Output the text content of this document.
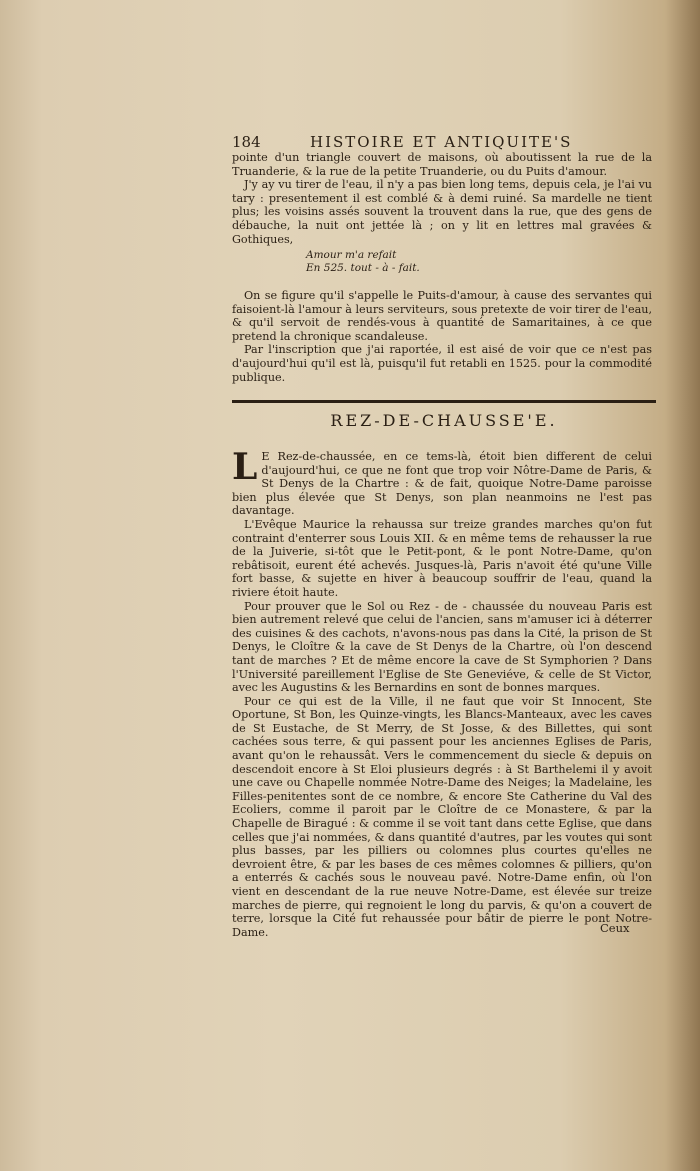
184	HISTOIRE ET ANTIQUITE'S

pointe d'un triangle couvert de maisons, où aboutissent la rue de la Truanderie, & la rue de la petite Truanderie, ou du Puits d'amour.

J'y ay vu tirer de l'eau, il n'y a pas bien long tems, depuis cela, je l'ai vu tary : presentement il est comblé & à demi ruiné. Sa mardelle ne tient plus; les voisins assés souvent la trouvent dans la rue, que des gens de débauche, la nuit ont jettée là ; on y lit en lettres mal gravées & Gothiques,

Amour m'a refait
En 525. tout - à - fait.

On se figure qu'il s'appelle le Puits-d'amour, à cause des servantes qui faisoient-là l'amour à leurs serviteurs, sous pretexte de voir tirer de l'eau, & qu'il servoit de rendés-vous à quantité de Samaritaines, à ce que pretend la chronique scandaleuse.

Par l'inscription que j'ai raportée, il est aisé de voir que ce n'est pas d'aujourd'hui qu'il est là, puisqu'il fut retabli en 1525. pour la commodité publique.

REZ-DE-CHAUSSE'E.

L E Rez-de-chaussée, en ce tems-là, étoit bien different de celui d'aujourd'hui, ce que ne font que trop voir Nôtre-Dame de Paris, & St Denys de la Chartre : & de fait, quoique Notre-Dame paroisse bien plus élevée que St Denys, son plan neanmoins ne l'est pas davantage.

L'Evêque Maurice la rehaussa sur treize grandes marches qu'on fut contraint d'enterrer sous Louis XII. & en même tems de rehausser la rue de la Juiverie, si-tôt que le Petit-pont, & le pont Notre-Dame, qu'on rebâtisoit, eurent été achevés. Jusques-là, Paris n'avoit été qu'une Ville fort basse, & sujette en hiver à beaucoup souffrir de l'eau, quand la riviere étoit haute.

Pour prouver que le Sol ou Rez - de - chaussée du nouveau Paris est bien autrement relevé que celui de l'ancien, sans m'amuser ici à déterrer des cuisines & des cachots, n'avons-nous pas dans la Cité, la prison de St Denys, le Cloître & la cave de St Denys de la Chartre, où l'on descend tant de marches ? Et de même encore la cave de St Symphorien ? Dans l'Université pareillement l'Eglise de Ste Geneviéve, & celle de St Victor, avec les Augustins & les Bernardins en sont de bonnes marques.

Pour ce qui est de la Ville, il ne faut que voir St Innocent, Ste Oportune, St Bon, les Quinze-vingts, les Blancs-Manteaux, avec les caves de St Eustache, de St Merry, de St Josse, & des Billettes, qui sont cachées sous terre, & qui passent pour les anciennes Eglises de Paris, avant qu'on le rehaussât. Vers le commencement du siecle & depuis on descendoit encore à St Eloi plusieurs degrés : à St Barthelemi il y avoit une cave ou Chapelle nommée Notre-Dame des Neiges; la Madelaine, les Filles-penitentes sont de ce nombre, & encore Ste Catherine du Val des Ecoliers, comme il paroit par le Cloître de ce Monastere, & par la Chapelle de Biragué : & comme il se voit tant dans cette Eglise, que dans celles que j'ai nommées, & dans quantité d'autres, par les voutes qui sont plus basses, par les pilliers ou colomnes plus courtes qu'elles ne devroient être, & par les bases de ces mêmes colomnes & pilliers, qu'on a enterrés & cachés sous le nouveau pavé. Notre-Dame enfin, où l'on vient en descendant de la rue neuve Notre-Dame, est élevée sur treize marches de pierre, qui regnoient le long du parvis, & qu'on a couvert de terre, lorsque la Cité fut rehaussée pour bâtir de pierre le pont Notre-Dame.	Ceux
